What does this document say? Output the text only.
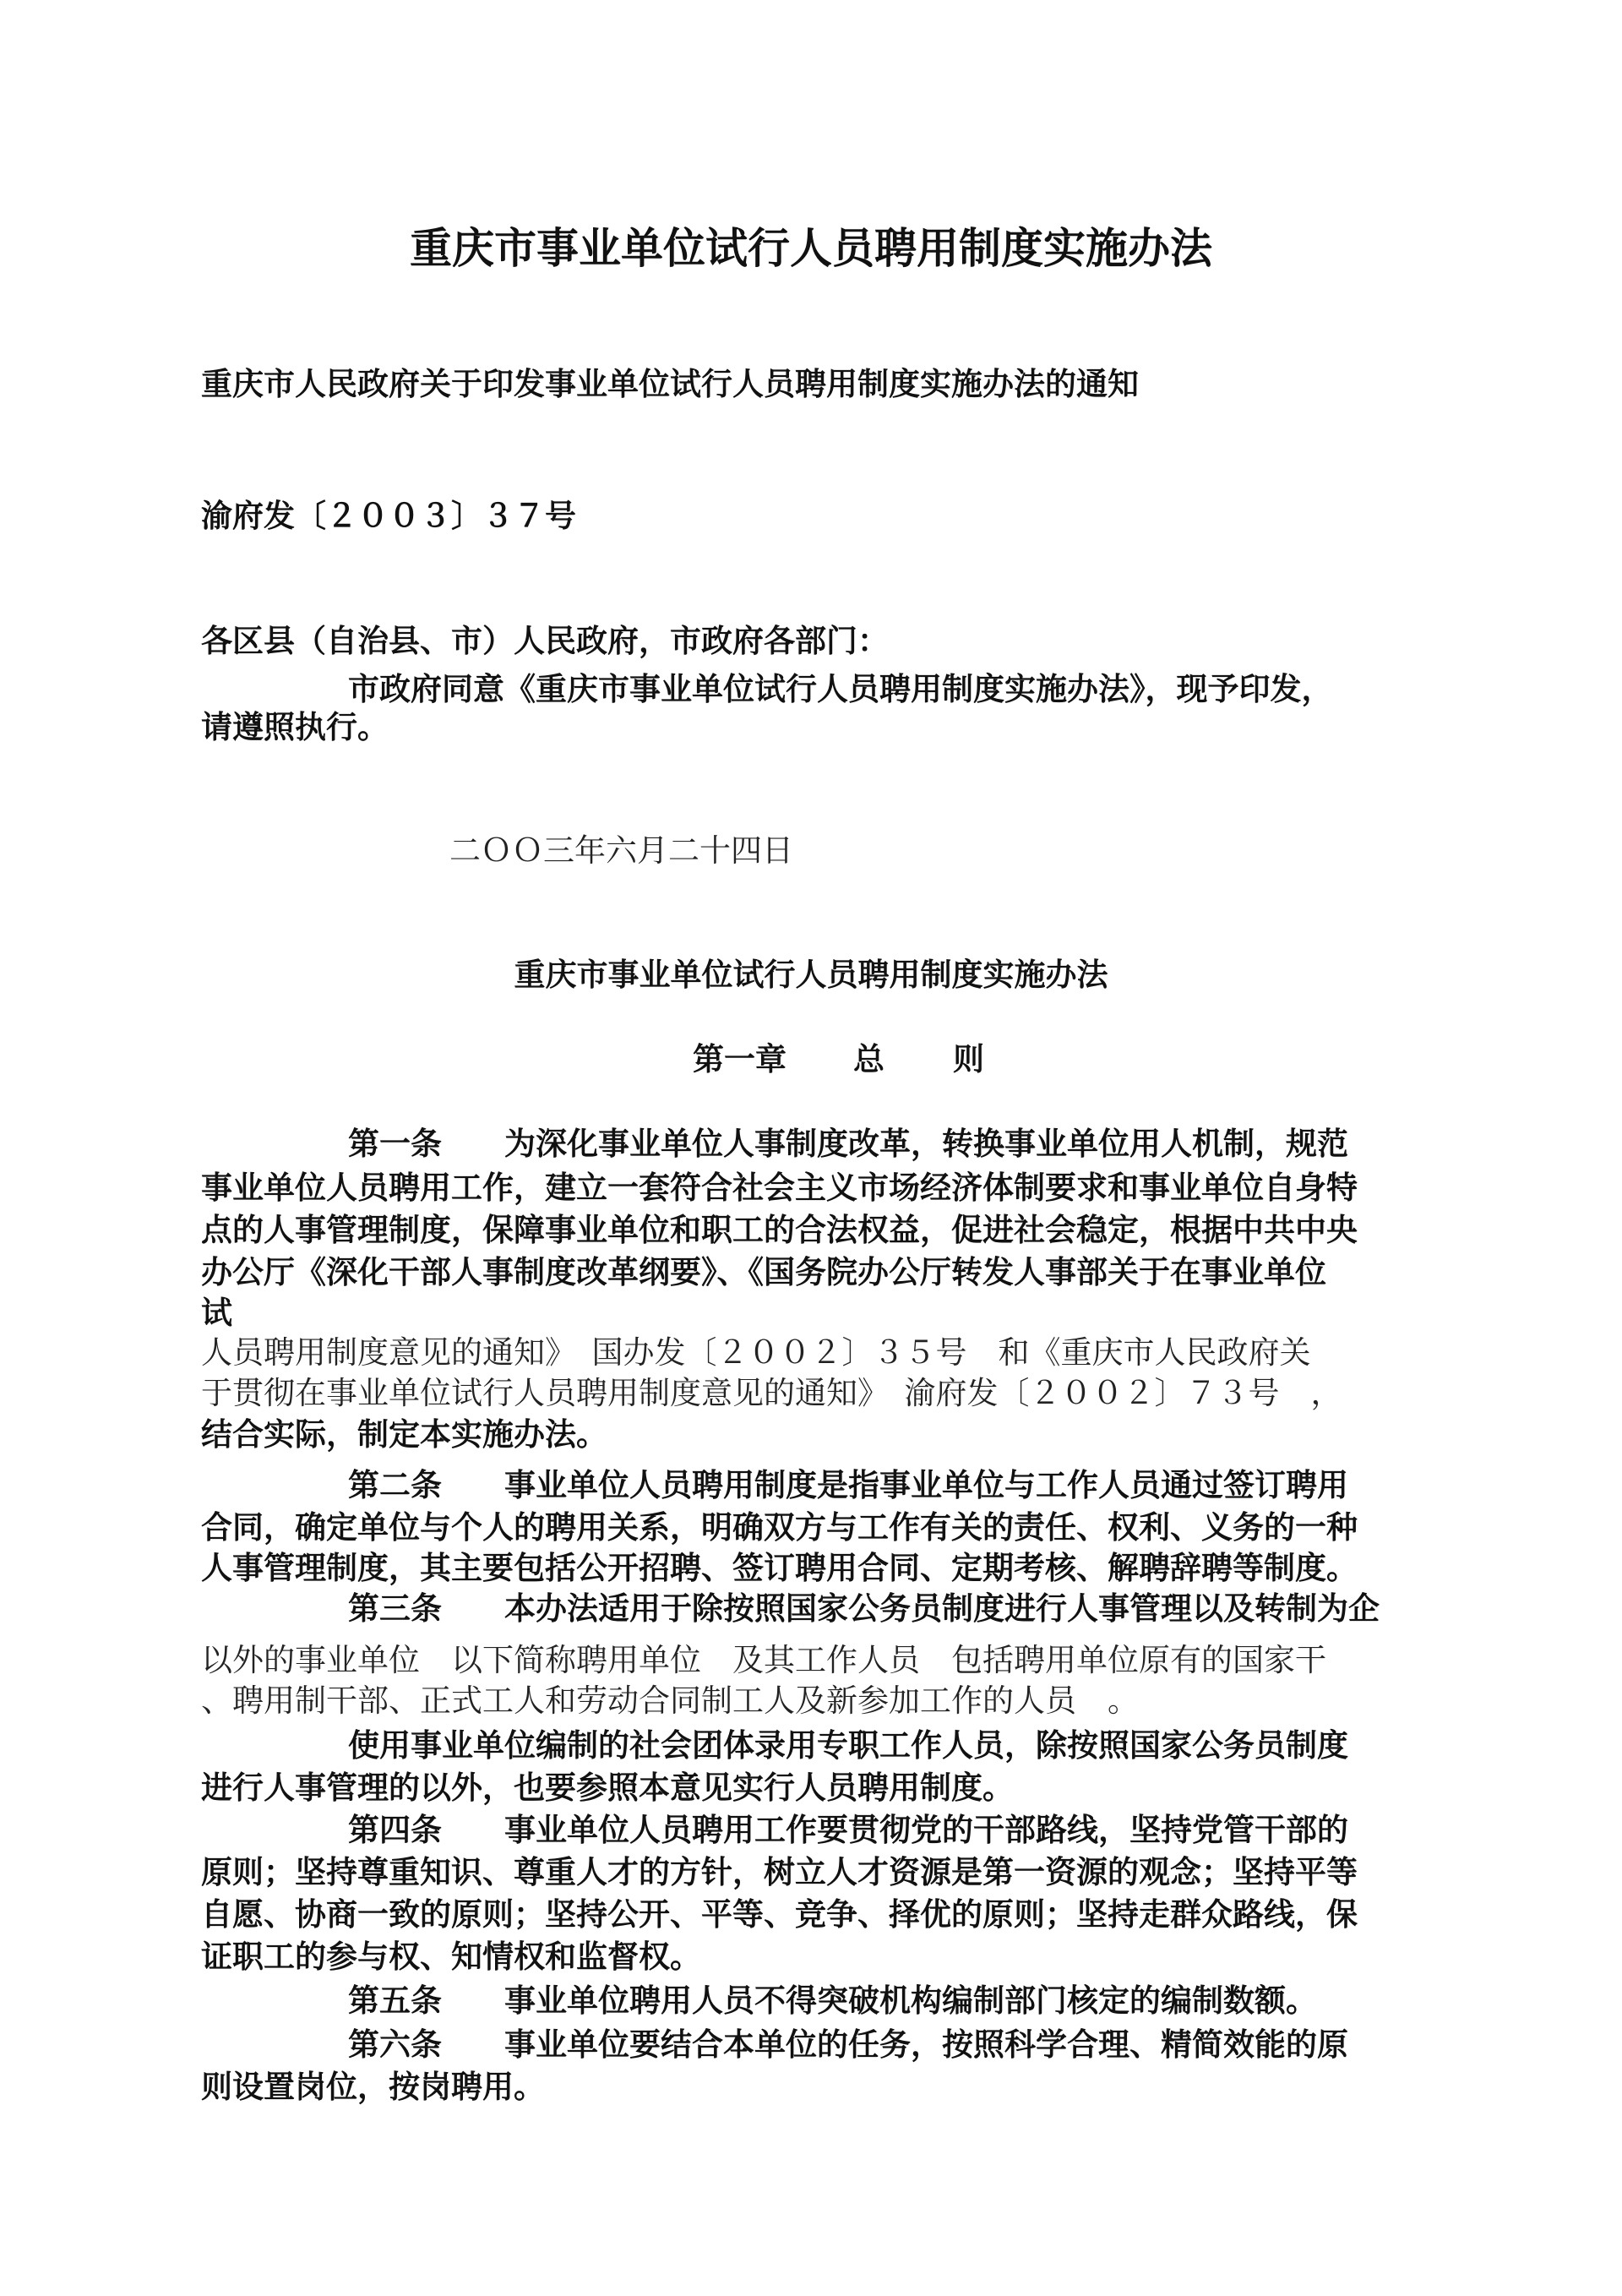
重庆市事业单位试行人员聘用制度实施办法

重庆市人民政府关于印发事业单位试行人员聘用制度实施办法的通知

渝府发〔２００３〕３７号

各区县（自治县、市）人民政府，市政府各部门：

市政府同意《重庆市事业单位试行人员聘用制度实施办法》，现予印发，

请遵照执行。

二ＯＯ三年六月二十四日

重庆市事业单位试行人员聘用制度实施办法
第一章 总 则

第一条　　为深化事业单位人事制度改革，转换事业单位用人机制，规范

事业单位人员聘用工作，建立一套符合社会主义市场经济体制要求和事业单位自身特

点的人事管理制度，保障事业单位和职工的合法权益，促进社会稳定，根据中共中央

办公厅《深化干部人事制度改革纲要》、《国务院办公厅转发人事部关于在事业单位

试

人员聘用制度意见的通知》　国办发〔２００２〕３５号　和《重庆市人民政府关

于贯彻在事业单位试行人员聘用制度意见的通知》　渝府发〔２００２〕７３号　，

结合实际，制定本实施办法。

第二条　　事业单位人员聘用制度是指事业单位与工作人员通过签订聘用

合同，确定单位与个人的聘用关系，明确双方与工作有关的责任、权利、义务的一种

人事管理制度，其主要包括公开招聘、签订聘用合同、定期考核、解聘辞聘等制度。

第三条　　本办法适用于除按照国家公务员制度进行人事管理以及转制为企

以外的事业单位　以下简称聘用单位　及其工作人员　包括聘用单位原有的国家干

、聘用制干部、正式工人和劳动合同制工人及新参加工作的人员　。

使用事业单位编制的社会团体录用专职工作人员，除按照国家公务员制度

进行人事管理的以外，也要参照本意见实行人员聘用制度。

第四条　　事业单位人员聘用工作要贯彻党的干部路线，坚持党管干部的

原则；坚持尊重知识、尊重人才的方针，树立人才资源是第一资源的观念；坚持平等

自愿、协商一致的原则；坚持公开、平等、竞争、择优的原则；坚持走群众路线，保

证职工的参与权、知情权和监督权。

第五条　　事业单位聘用人员不得突破机构编制部门核定的编制数额。

第六条　　事业单位要结合本单位的任务，按照科学合理、精简效能的原

则设置岗位，按岗聘用。
